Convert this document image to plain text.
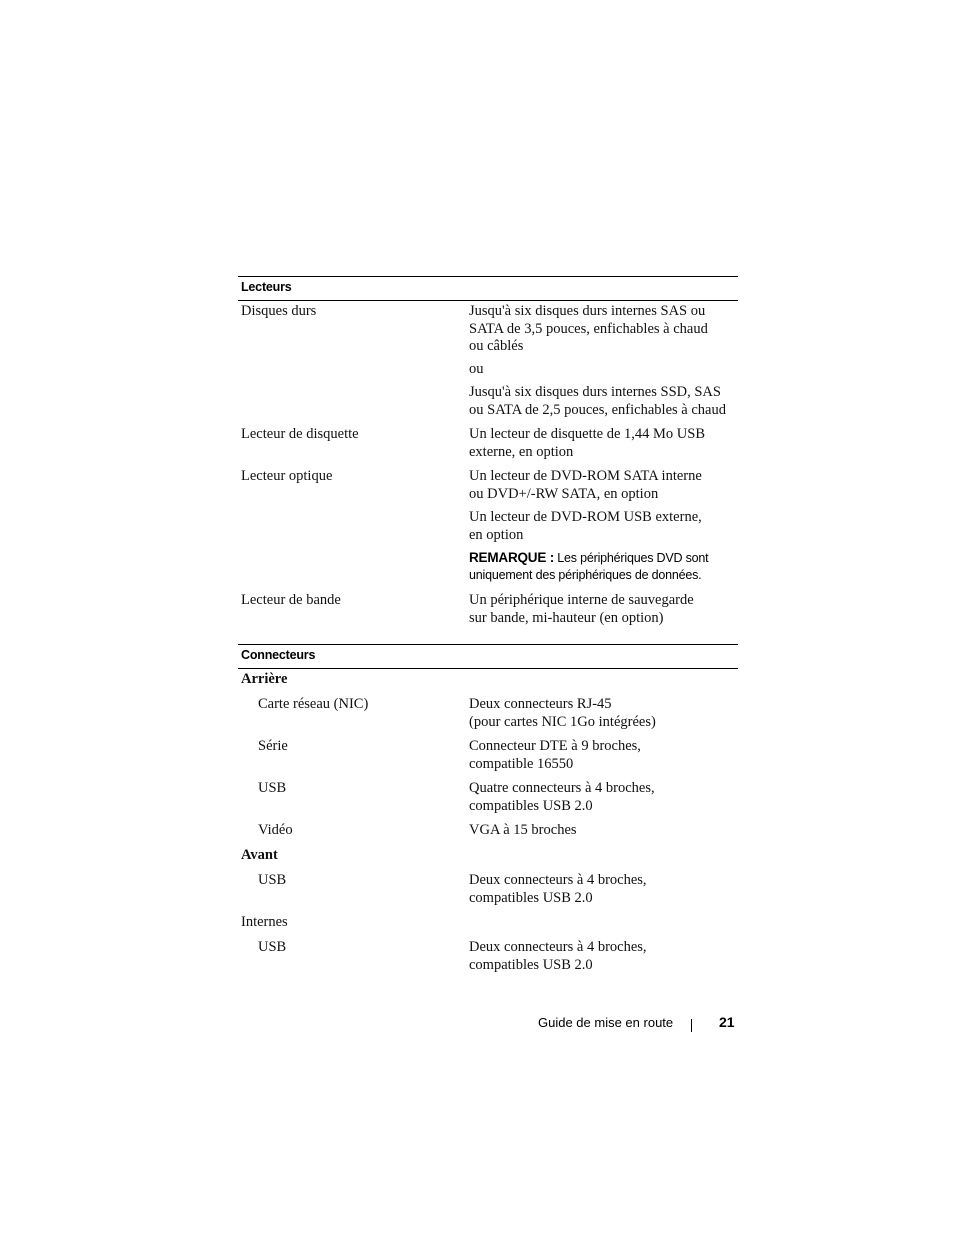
Lecteurs

Disques durs	Jusqu'à six disques durs internes SAS ou
SATA de 3,5 pouces, enfichables à chaud
ou câblés

ou

Jusqu'à six disques durs internes SSD, SAS
ou SATA de 2,5 pouces, enfichables à chaud

Lecteur de disquette	Un lecteur de disquette de 1,44 Mo USB
externe, en option

Lecteur optique	Un lecteur de DVD-ROM SATA interne
ou DVD+/-RW SATA, en option

Un lecteur de DVD-ROM USB externe,
en option

REMARQUE : Les périphériques DVD sont

uniquement des périphériques de données.

Lecteur de bande	Un périphérique interne de sauvegarde
sur bande, mi-hauteur (en option)

Connecteurs

Arrière

Carte réseau (NIC)	Deux connecteurs RJ-45
(pour cartes NIC 1Go intégrées)

Série	Connecteur DTE à 9 broches,
compatible 16550

USB	Quatre connecteurs à 4 broches,
compatibles USB 2.0

Vidéo	VGA à 15 broches

Avant

USB	Deux connecteurs à 4 broches,
compatibles USB 2.0

Internes

USB	Deux connecteurs à 4 broches,
compatibles USB 2.0

Guide de mise en route	21
